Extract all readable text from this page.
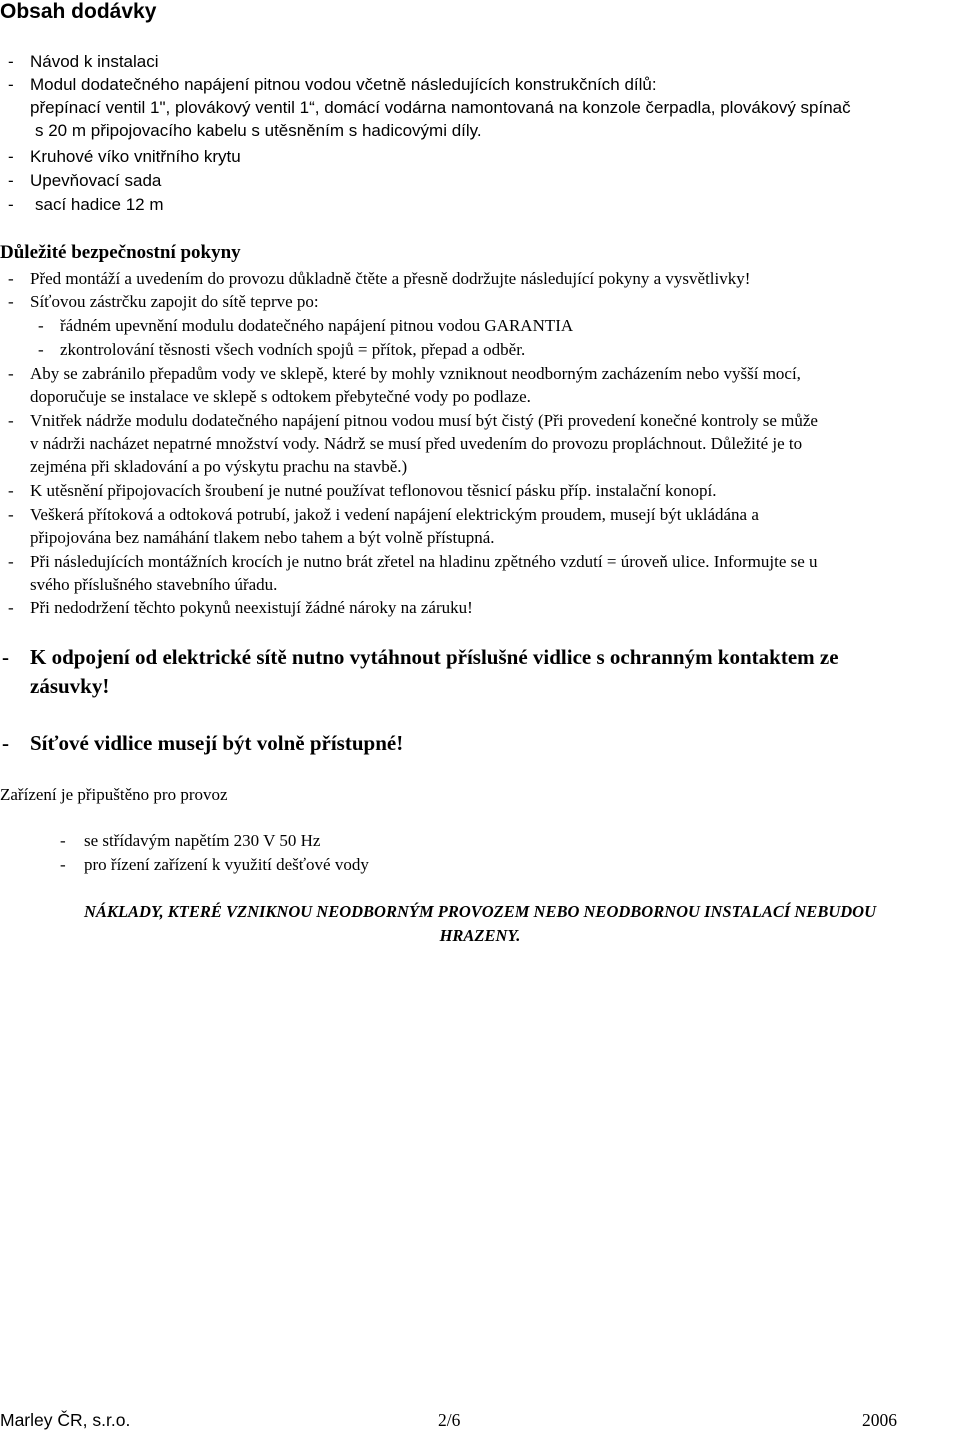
Obsah dodávky
- Návod k instalaci
- Modul dodatečného napájení pitnou vodou včetně následujících konstrukčních dílů:
přepínací ventil 1", plovákový ventil 1“, domácí vodárna namontovaná na konzole čerpadla, plovákový spínač
s 20 m připojovacího kabelu s utěsněním s hadicovými díly.
- Kruhové víko vnitřního krytu
- Upevňovací sada
- sací hadice 12 m
Důležité bezpečnostní pokyny
- Před montáží a uvedením do provozu důkladně čtěte a přesně dodržujte následující pokyny a vysvětlivky!
- Síťovou zástrčku zapojit do sítě teprve po:
- řádném upevnění modulu dodatečného napájení pitnou vodou GARANTIA
- zkontrolování těsnosti všech vodních spojů = přítok, přepad a odběr.
- Aby se zabránilo přepadům vody ve sklepě, které by mohly vzniknout neodborným zacházením nebo vyšší mocí,
doporučuje se instalace ve sklepě s odtokem přebytečné vody po podlaze.
- Vnitřek nádrže modulu dodatečného napájení pitnou vodou musí být čistý (Při provedení konečné kontroly se může
v nádrži nacházet nepatrné množství vody. Nádrž se musí před uvedením do provozu propláchnout. Důležité je to
zejména při skladování a po výskytu prachu na stavbě.)
- K utěsnění připojovacích šroubení je nutné používat teflonovou těsnicí pásku příp. instalační konopí.
- Veškerá přítoková a odtoková potrubí, jakož i vedení napájení elektrickým proudem, musejí být ukládána a
připojována bez namáhání tlakem nebo tahem a být volně přístupná.
- Při následujících montážních krocích je nutno brát zřetel na hladinu zpětného vzdutí = úroveň ulice. Informujte se u
svého příslušného stavebního úřadu.
- Při nedodržení těchto pokynů neexistují žádné nároky na záruku!
- K odpojení od elektrické sítě nutno vytáhnout příslušné vidlice s ochranným kontaktem ze
zásuvky!
- Síťové vidlice musejí být volně přístupné!
Zařízení je připuštěno pro provoz
- se střídavým napětím 230 V 50 Hz
- pro řízení zařízení k využití dešťové vody
NÁKLADY, KTERÉ VZNIKNOU NEODBORNÝM PROVOZEM NEBO NEODBORNOU INSTALACÍ NEBUDOU
HRAZENY.
Marley ČR, s.r.o.	2/6	2006
